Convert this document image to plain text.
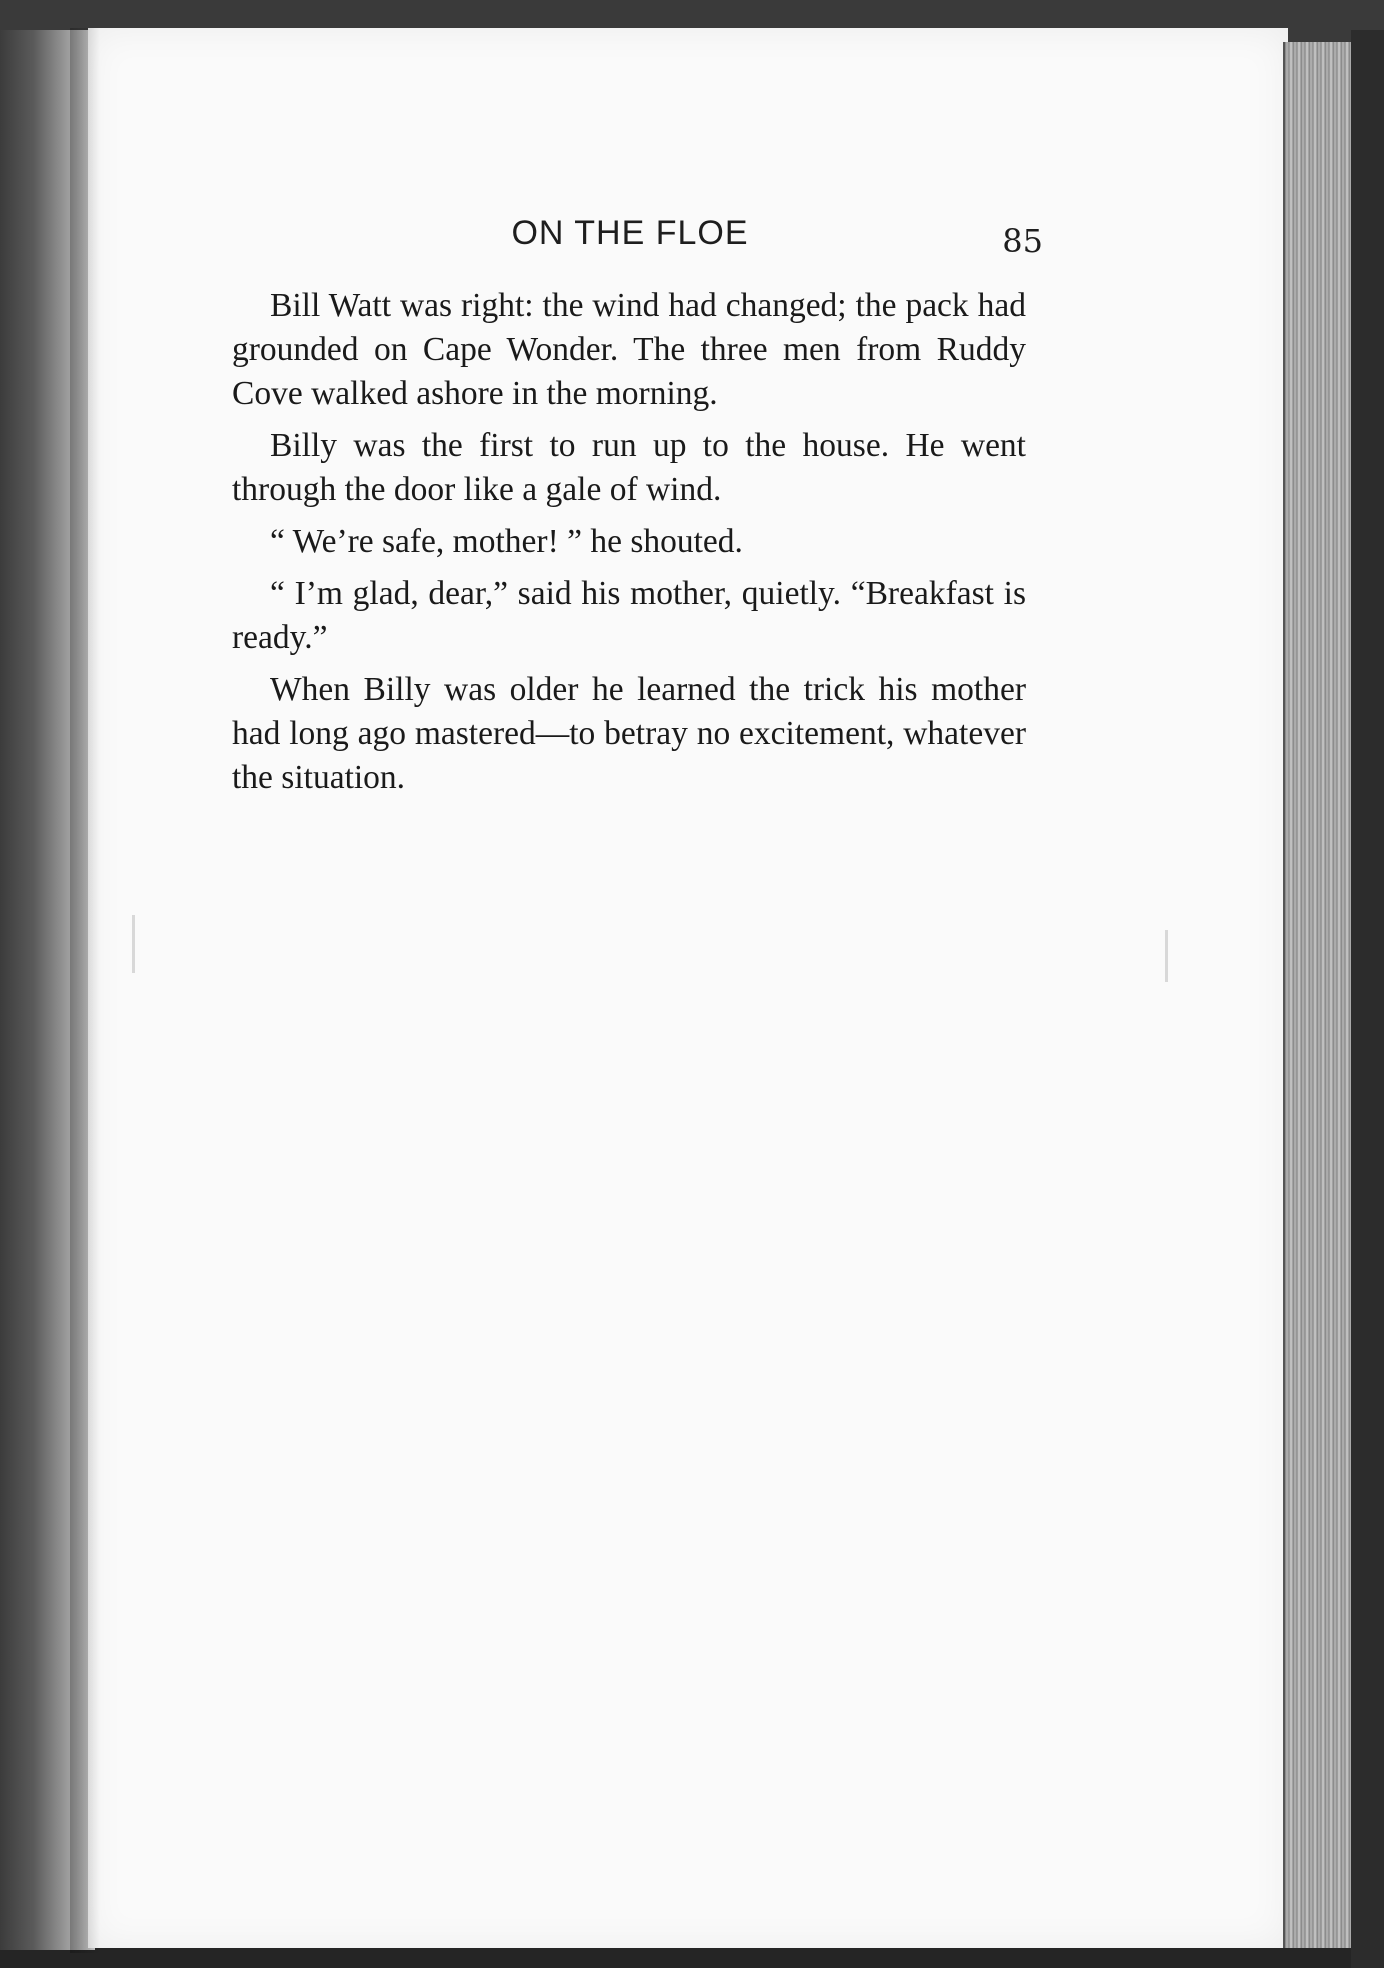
ON THE FLOE	85

Bill Watt was right: the wind had changed; the pack had grounded on Cape Wonder. The three men from Ruddy Cove walked ashore in the morning.

Billy was the first to run up to the house. He went through the door like a gale of wind.

“ We’re safe, mother! ” he shouted.

“ I’m glad, dear,” said his mother, quietly. “Breakfast is ready.”

When Billy was older he learned the trick his mother had long ago mastered—to betray no excitement, whatever the situation.
